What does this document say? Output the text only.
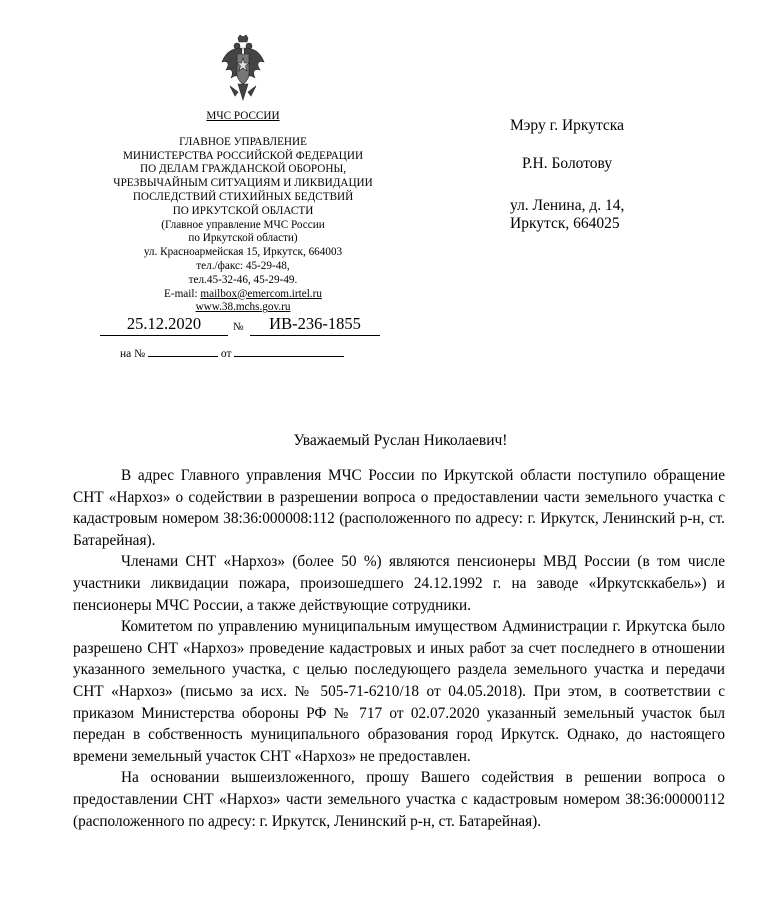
МЧС РОССИИ
ГЛАВНОЕ УПРАВЛЕНИЕ
МИНИСТЕРСТВА РОССИЙСКОЙ ФЕДЕРАЦИИ
ПО ДЕЛАМ ГРАЖДАНСКОЙ ОБОРОНЫ,
ЧРЕЗВЫЧАЙНЫМ СИТУАЦИЯМ И ЛИКВИДАЦИИ
ПОСЛЕДСТВИЙ СТИХИЙНЫХ БЕДСТВИЙ
ПО ИРКУТСКОЙ ОБЛАСТИ
(Главное управление МЧС России
по Иркутской области)
ул. Красноармейская 15, Иркутск, 664003
тел./факс: 45-29-48,
тел.45-32-46, 45-29-49.
E-mail: mailbox@emercom.irtel.ru
www.38.mchs.gov.ru
25.12.2020	№	ИВ-236-1855
на №	от
Мэру г. Иркутска
Р.Н. Болотову
ул. Ленина, д. 14,
Иркутск, 664025
Уважаемый Руслан Николаевич!

В адрес Главного управления МЧС России по Иркутской области поступило обращение СНТ «Нархоз» о содействии в разрешении вопроса о предоставлении части земельного участка с кадастровым номером 38:36:000008:112 (расположенного по адресу: г. Иркутск, Ленинский р-н, ст. Батарейная).

Членами СНТ «Нархоз» (более 50 %) являются пенсионеры МВД России (в том числе участники ликвидации пожара, произошедшего 24.12.1992 г. на заводе «Иркутсккабель») и пенсионеры МЧС России, а также действующие сотрудники.

Комитетом по управлению муниципальным имуществом Администрации г. Иркутска было разрешено СНТ «Нархоз» проведение кадастровых и иных работ за счет последнего в отношении указанного земельного участка, с целью последующего раздела земельного участка и передачи СНТ «Нархоз» (письмо за исх. № 505-71-6210/18 от 04.05.2018). При этом, в соответствии с приказом Министерства обороны РФ № 717 от 02.07.2020 указанный земельный участок был передан в собственность муниципального образования город Иркутск. Однако, до настоящего времени земельный участок СНТ «Нархоз» не предоставлен.

На основании вышеизложенного, прошу Вашего содействия в решении вопроса о предоставлении СНТ «Нархоз» части земельного участка с кадастровым номером 38:36:00000112 (расположенного по адресу: г. Иркутск, Ленинский р-н, ст. Батарейная).
